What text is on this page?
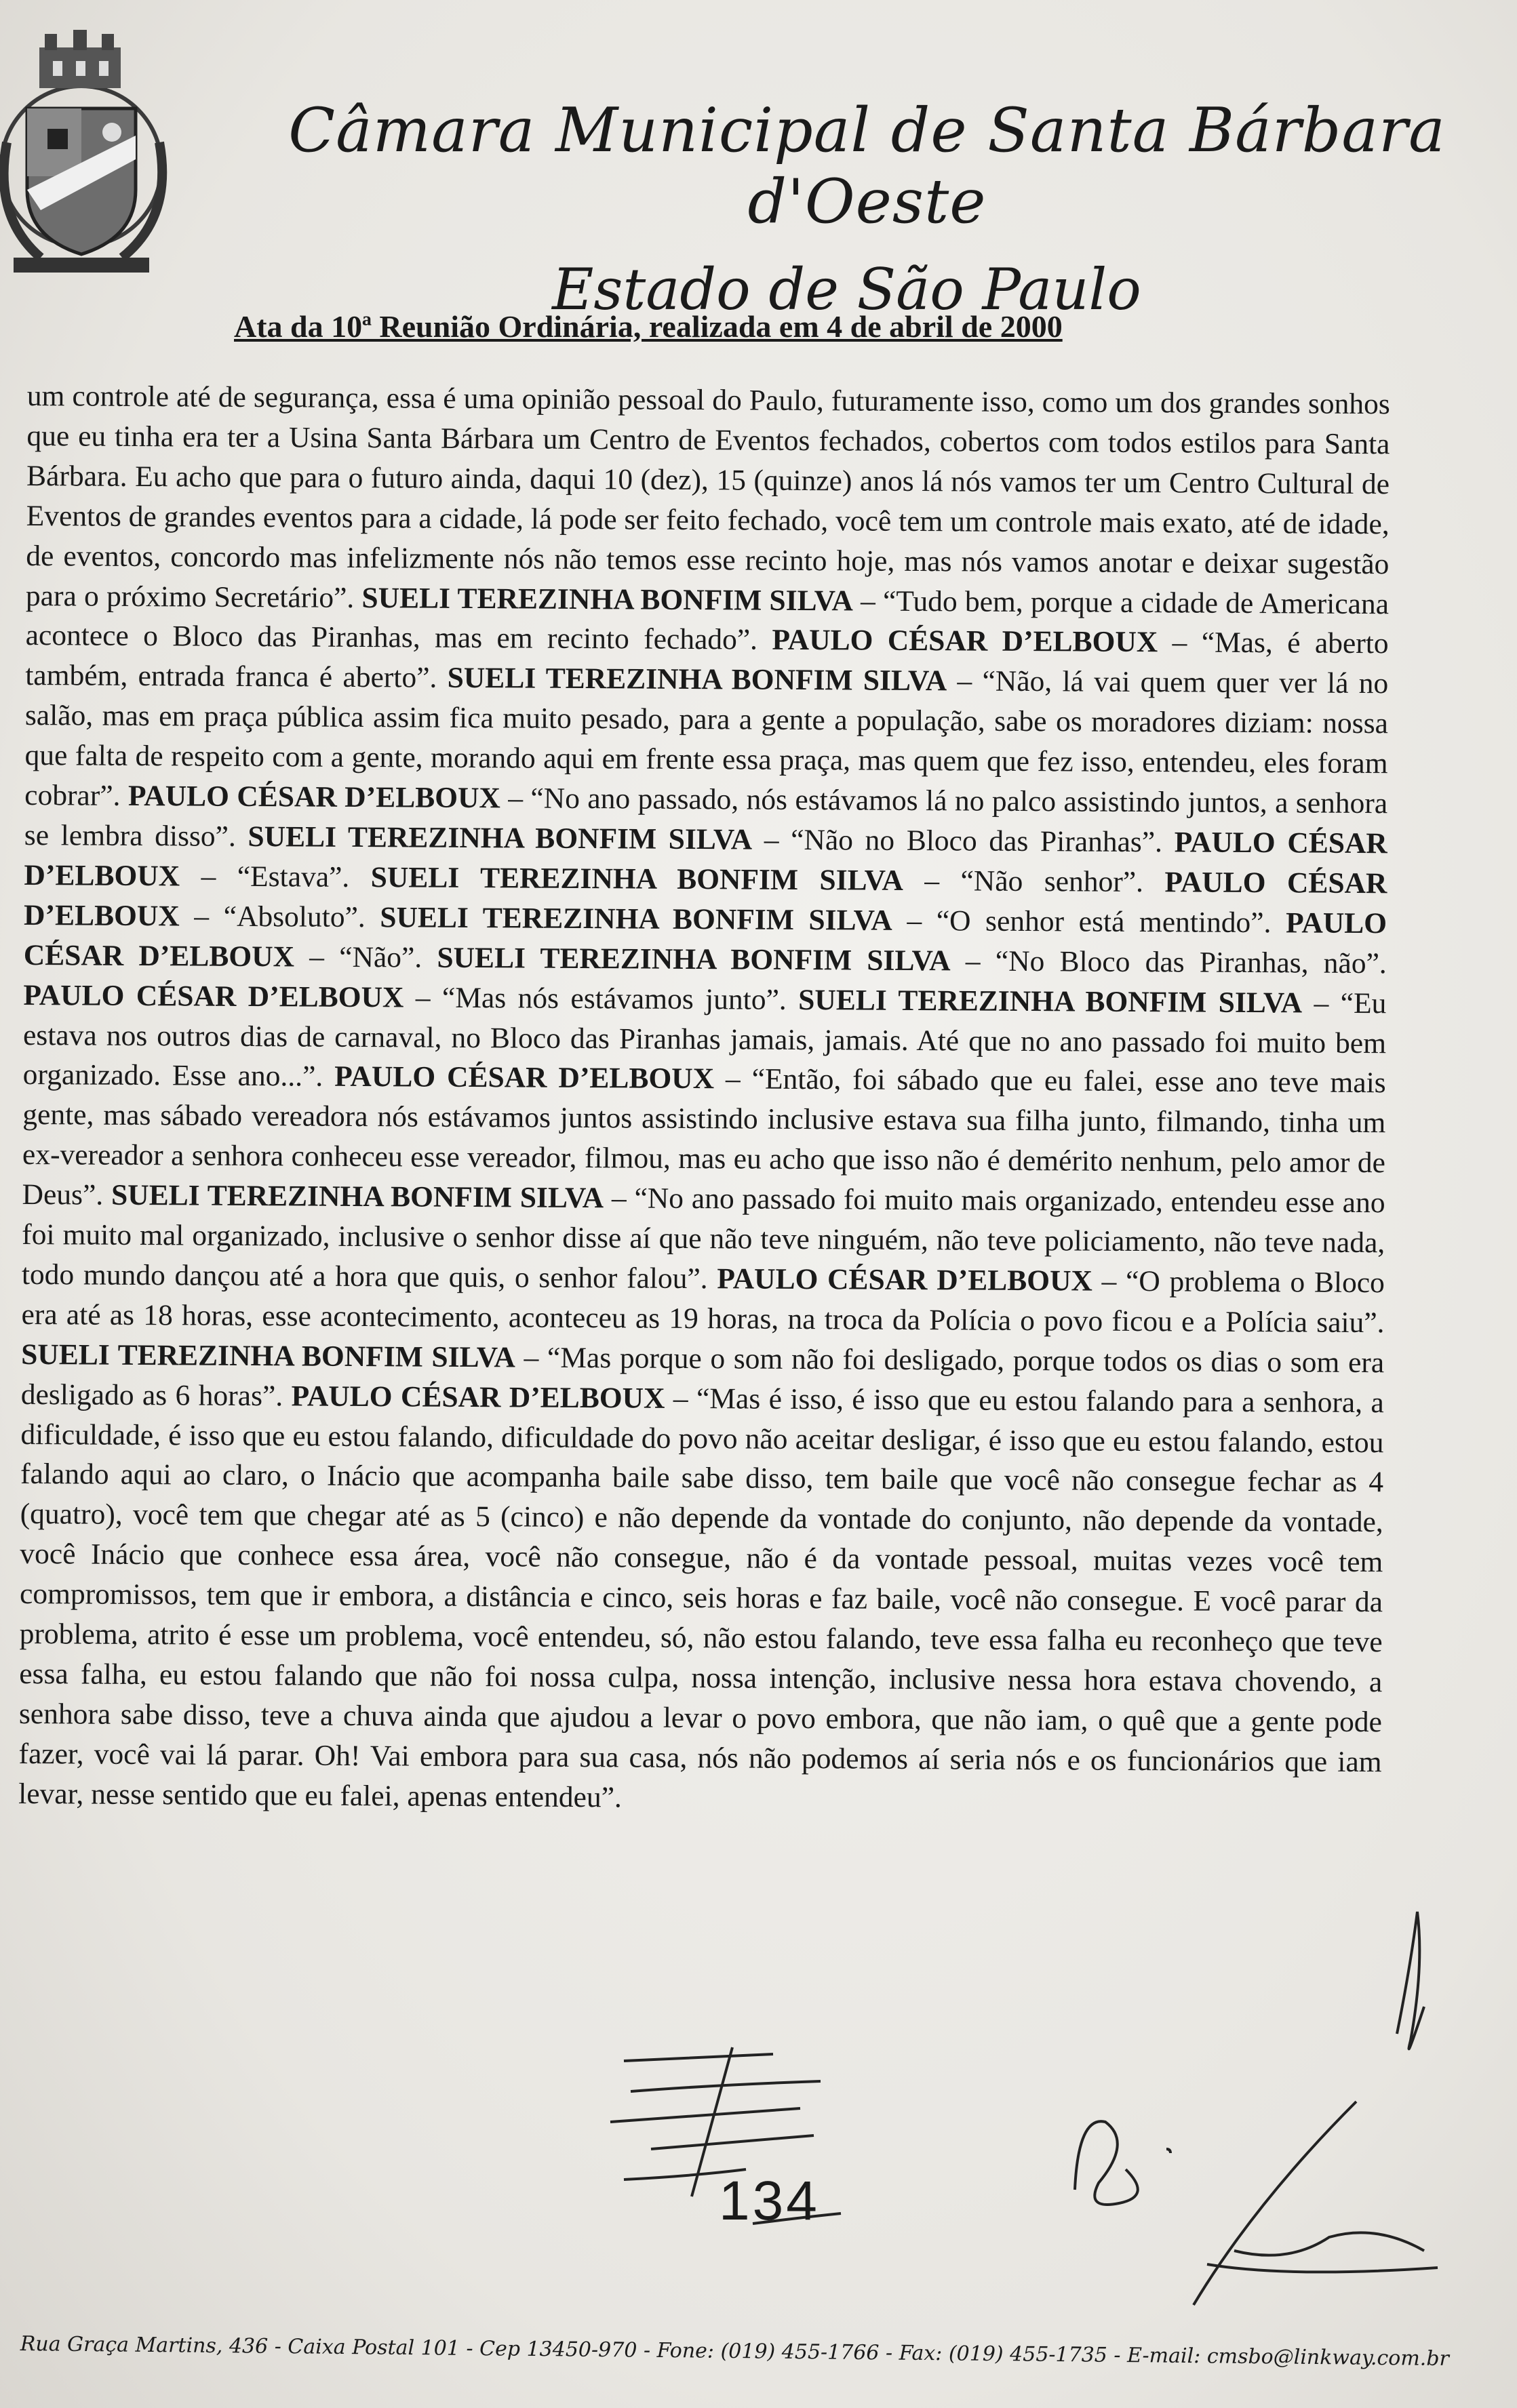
Câmara Municipal de Santa Bárbara d'Oeste
Estado de São Paulo
Ata da 10ª Reunião Ordinária, realizada em 4 de abril de 2000
um controle até de segurança, essa é uma opinião pessoal do Paulo, futuramente isso, como um dos grandes sonhos que eu tinha era ter a Usina Santa Bárbara um Centro de Eventos fechados, cobertos com todos estilos para Santa Bárbara. Eu acho que para o futuro ainda, daqui 10 (dez), 15 (quinze) anos lá nós vamos ter um Centro Cultural de Eventos de grandes eventos para a cidade, lá pode ser feito fechado, você tem um controle mais exato, até de idade, de eventos, concordo mas infelizmente nós não temos esse recinto hoje, mas nós vamos anotar e deixar sugestão para o próximo Secretário”. SUELI TEREZINHA BONFIM SILVA – “Tudo bem, porque a cidade de Americana acontece o Bloco das Piranhas, mas em recinto fechado”. PAULO CÉSAR D’ELBOUX – “Mas, é aberto também, entrada franca é aberto”. SUELI TEREZINHA BONFIM SILVA – “Não, lá vai quem quer ver lá no salão, mas em praça pública assim fica muito pesado, para a gente a população, sabe os moradores diziam: nossa que falta de respeito com a gente, morando aqui em frente essa praça, mas quem que fez isso, entendeu, eles foram cobrar”. PAULO CÉSAR D’ELBOUX – “No ano passado, nós estávamos lá no palco assistindo juntos, a senhora se lembra disso”. SUELI TEREZINHA BONFIM SILVA – “Não no Bloco das Piranhas”. PAULO CÉSAR D’ELBOUX – “Estava”. SUELI TEREZINHA BONFIM SILVA – “Não senhor”. PAULO CÉSAR D’ELBOUX – “Absoluto”. SUELI TEREZINHA BONFIM SILVA – “O senhor está mentindo”. PAULO CÉSAR D’ELBOUX – “Não”. SUELI TEREZINHA BONFIM SILVA – “No Bloco das Piranhas, não”. PAULO CÉSAR D’ELBOUX – “Mas nós estávamos junto”. SUELI TEREZINHA BONFIM SILVA – “Eu estava nos outros dias de carnaval, no Bloco das Piranhas jamais, jamais. Até que no ano passado foi muito bem organizado. Esse ano...”. PAULO CÉSAR D’ELBOUX – “Então, foi sábado que eu falei, esse ano teve mais gente, mas sábado vereadora nós estávamos juntos assistindo inclusive estava sua filha junto, filmando, tinha um ex-vereador a senhora conheceu esse vereador, filmou, mas eu acho que isso não é demérito nenhum, pelo amor de Deus”. SUELI TEREZINHA BONFIM SILVA – “No ano passado foi muito mais organizado, entendeu esse ano foi muito mal organizado, inclusive o senhor disse aí que não teve ninguém, não teve policiamento, não teve nada, todo mundo dançou até a hora que quis, o senhor falou”. PAULO CÉSAR D’ELBOUX – “O problema o Bloco era até as 18 horas, esse acontecimento, aconteceu as 19 horas, na troca da Polícia o povo ficou e a Polícia saiu”. SUELI TEREZINHA BONFIM SILVA – “Mas porque o som não foi desligado, porque todos os dias o som era desligado as 6 horas”. PAULO CÉSAR D’ELBOUX – “Mas é isso, é isso que eu estou falando para a senhora, a dificuldade, é isso que eu estou falando, dificuldade do povo não aceitar desligar, é isso que eu estou falando, estou falando aqui ao claro, o Inácio que acompanha baile sabe disso, tem baile que você não consegue fechar as 4 (quatro), você tem que chegar até as 5 (cinco) e não depende da vontade do conjunto, não depende da vontade, você Inácio que conhece essa área, você não consegue, não é da vontade pessoal, muitas vezes você tem compromissos, tem que ir embora, a distância e cinco, seis horas e faz baile, você não consegue. E você parar da problema, atrito é esse um problema, você entendeu, só, não estou falando, teve essa falha eu reconheço que teve essa falha, eu estou falando que não foi nossa culpa, nossa intenção, inclusive nessa hora estava chovendo, a senhora sabe disso, teve a chuva ainda que ajudou a levar o povo embora, que não iam, o quê que a gente pode fazer, você vai lá parar. Oh! Vai embora para sua casa, nós não podemos aí seria nós e os funcionários que iam levar, nesse sentido que eu falei, apenas entendeu”.
134
Rua Graça Martins, 436 - Caixa Postal 101 - Cep 13450-970 - Fone: (019) 455-1766 - Fax: (019) 455-1735 - E-mail: cmsbo@linkway.com.br
